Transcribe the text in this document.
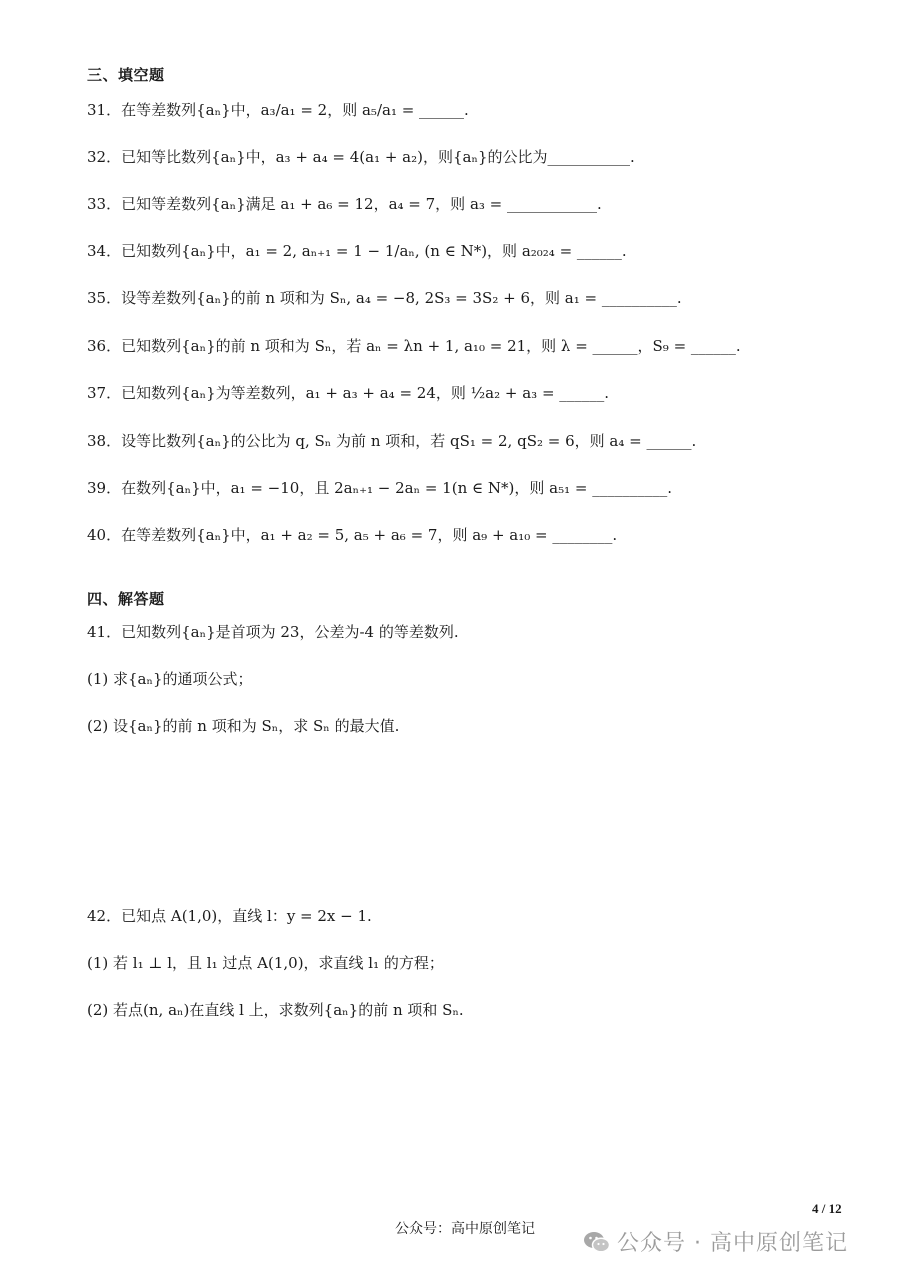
三、填空题
31．在等差数列{aₙ}中，a₃/a₁ = 2，则 a₅/a₁ = ______.
32．已知等比数列{aₙ}中，a₃ + a₄ = 4(a₁ + a₂)，则{aₙ}的公比为___________.
33．已知等差数列{aₙ}满足 a₁ + a₆ = 12，a₄ = 7，则 a₃ = ____________.
34．已知数列{aₙ}中，a₁ = 2, aₙ₊₁ = 1 − 1/aₙ, (n ∈ N*)，则 a₂₀₂₄ = ______.
35．设等差数列{aₙ}的前 n 项和为 Sₙ, a₄ = −8, 2S₃ = 3S₂ + 6，则 a₁ = __________.
36．已知数列{aₙ}的前 n 项和为 Sₙ，若 aₙ = λn + 1, a₁₀ = 21，则 λ = ______，S₉ = ______.
37．已知数列{aₙ}为等差数列，a₁ + a₃ + a₄ = 24，则 ½a₂ + a₃ = ______.
38．设等比数列{aₙ}的公比为 q, Sₙ 为前 n 项和，若 qS₁ = 2, qS₂ = 6，则 a₄ = ______.
39．在数列{aₙ}中，a₁ = −10，且 2aₙ₊₁ − 2aₙ = 1(n ∈ N*)，则 a₅₁ = __________.
40．在等差数列{aₙ}中，a₁ + a₂ = 5, a₅ + a₆ = 7，则 a₉ + a₁₀ = ________.
四、解答题
41．已知数列{aₙ}是首项为 23，公差为-4 的等差数列.
(1) 求{aₙ}的通项公式；
(2) 设{aₙ}的前 n 项和为 Sₙ，求 Sₙ 的最大值.
42．已知点 A(1,0)，直线 l：y = 2x − 1.
(1) 若 l₁ ⊥ l，且 l₁ 过点 A(1,0)，求直线 l₁ 的方程；
(2) 若点(n, aₙ)在直线 l 上，求数列{aₙ}的前 n 项和 Sₙ.
4 / 12
公众号：高中原创笔记
公众号 · 高中原创笔记
